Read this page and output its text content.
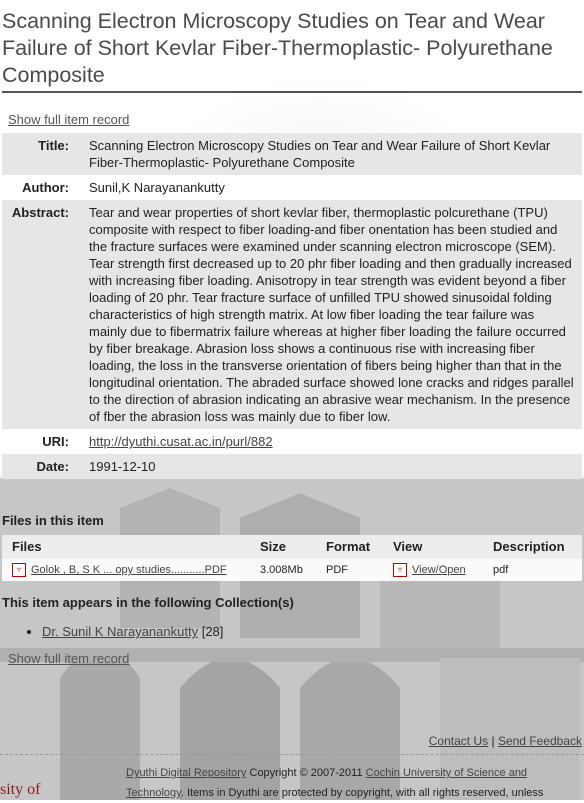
Scanning Electron Microscopy Studies on Tear and Wear Failure of Short Kevlar Fiber-Thermoplastic- Polyurethane Composite
Show full item record
Title:	Scanning Electron Microscopy Studies on Tear and Wear Failure of Short Kevlar Fiber-Thermoplastic- Polyurethane Composite
Author:	Sunil,K Narayanankutty
Abstract:	Tear and wear properties of short kevlar fiber, thermoplastic polcurethane (TPU) composite with respect to fiber loading-and fiber onentation has been studied and the fracture surfaces were examined under scanning electron microscope (SEM). Tear strength first decreased up to 20 phr fiber loading and then gradually increased with increasing fiber loading. Anisotropy in tear strength was evident beyond a fiber loading of 20 phr. Tear fracture surface of unfilled TPU showed sinusoidal folding characteristics of high strength matrix. At low fiber loading the tear failure was mainly due to fibermatrix failure whereas at higher fiber loading the failure occurred by fiber breakage. Abrasion loss shows a continuous rise with increasing fiber loading, the loss in the transverse orientation of fibers being higher than that in the longitudinal orientation. The abraded surface showed lone cracks and ridges parallel to the direction of abrasion indicating an abrasive wear mechanism. In the presence of fber the abrasion loss was mainly due to fiber low.
URI:	http://dyuthi.cusat.ac.in/purl/882
Date:	1991-12-10
Files in this item
Files	Size	Format	View	Description
▿ Golok , B, S K ... opy studies...........PDF	3.008Mb	PDF	▿ View/Open	pdf
This item appears in the following Collection(s)
• Dr. Sunil K Narayanankutty [28]
Show full item record
Contact Us | Send Feedback
Dyuthi Digital Repository Copyright © 2007-2011 Cochin University of Science and Technology. Items in Dyuthi are protected by copyright, with all rights reserved, unless
sity of
